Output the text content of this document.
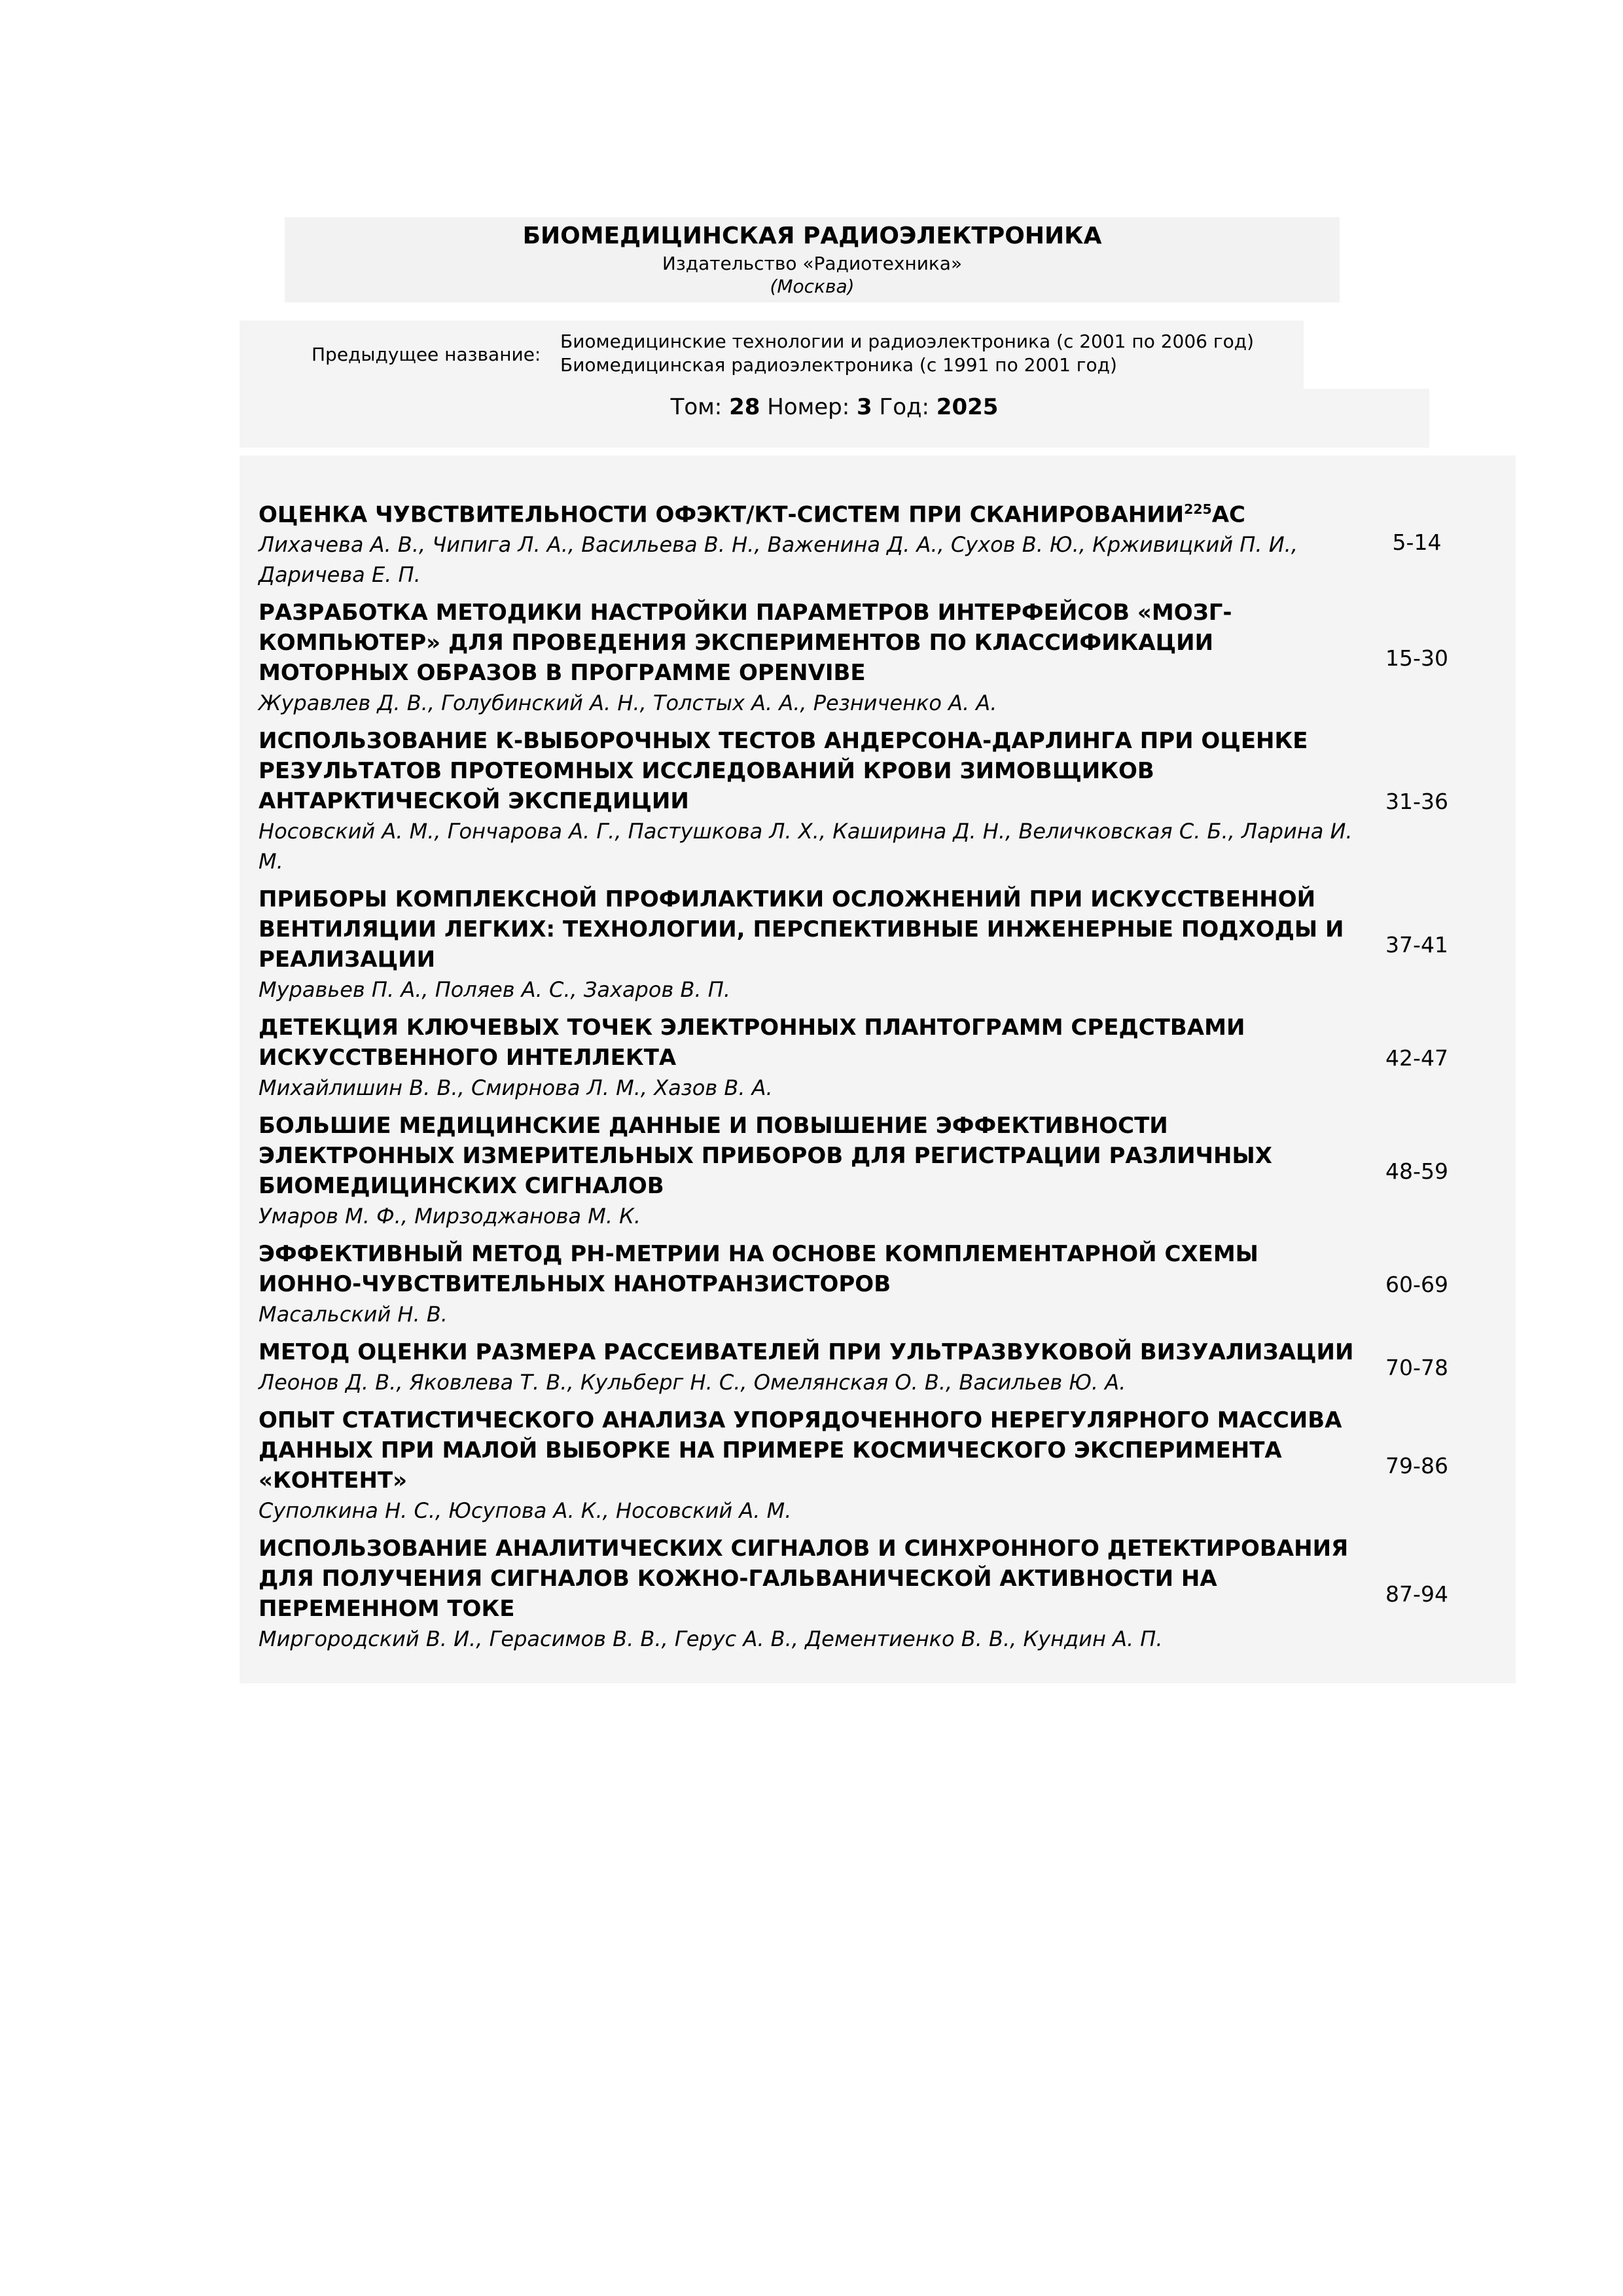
БИОМЕДИЦИНСКАЯ РАДИОЭЛЕКТРОНИКА
Издательство «Радиотехника»
(Москва)
Предыдущее название:
Биомедицинские технологии и радиоэлектроника (с 2001 по 2006 год)
Биомедицинская радиоэлектроника (с 1991 по 2001 год)
Том: 28 Номер: 3 Год: 2025
ОЦЕНКА ЧУВСТВИТЕЛЬНОСТИ ОФЭКТ/КТ-СИСТЕМ ПРИ СКАНИРОВАНИИ$^{225}$AC
Лихачева А. В., Чипига Л. А., Васильева В. Н., Важенина Д. А., Сухов В. Ю., Крживицкий П. И., Даричева Е. П.
5-14
РАЗРАБОТКА МЕТОДИКИ НАСТРОЙКИ ПАРАМЕТРОВ ИНТЕРФЕЙСОВ «МОЗГ-КОМПЬЮТЕР» ДЛЯ ПРОВЕДЕНИЯ ЭКСПЕРИМЕНТОВ ПО КЛАССИФИКАЦИИ МОТОРНЫХ ОБРАЗОВ В ПРОГРАММЕ OPENVIBE
Журавлев Д. В., Голубинский А. Н., Толстых А. А., Резниченко А. А.
15-30
ИСПОЛЬЗОВАНИЕ К-ВЫБОРОЧНЫХ ТЕСТОВ АНДЕРСОНА-ДАРЛИНГА ПРИ ОЦЕНКЕ РЕЗУЛЬТАТОВ ПРОТЕОМНЫХ ИССЛЕДОВАНИЙ КРОВИ ЗИМОВЩИКОВ АНТАРКТИЧЕСКОЙ ЭКСПЕДИЦИИ
Носовский А. М., Гончарова А. Г., Пастушкова Л. Х., Каширина Д. Н., Величковская С. Б., Ларина И. М.
31-36
ПРИБОРЫ КОМПЛЕКСНОЙ ПРОФИЛАКТИКИ ОСЛОЖНЕНИЙ ПРИ ИСКУССТВЕННОЙ ВЕНТИЛЯЦИИ ЛЕГКИХ: ТЕХНОЛОГИИ, ПЕРСПЕКТИВНЫЕ ИНЖЕНЕРНЫЕ ПОДХОДЫ И РЕАЛИЗАЦИИ
Муравьев П. А., Поляев А. С., Захаров В. П.
37-41
ДЕТЕКЦИЯ КЛЮЧЕВЫХ ТОЧЕК ЭЛЕКТРОННЫХ ПЛАНТОГРАММ СРЕДСТВАМИ ИСКУССТВЕННОГО ИНТЕЛЛЕКТА
Михайлишин В. В., Смирнова Л. М., Хазов В. А.
42-47
БОЛЬШИЕ МЕДИЦИНСКИЕ ДАННЫЕ И ПОВЫШЕНИЕ ЭФФЕКТИВНОСТИ ЭЛЕКТРОННЫХ ИЗМЕРИТЕЛЬНЫХ ПРИБОРОВ ДЛЯ РЕГИСТРАЦИИ РАЗЛИЧНЫХ БИОМЕДИЦИНСКИХ СИГНАЛОВ
Умаров М. Ф., Мирзоджанова М. К.
48-59
ЭФФЕКТИВНЫЙ МЕТОД PH-МЕТРИИ НА ОСНОВЕ КОМПЛЕМЕНТАРНОЙ СХЕМЫ ИОННО-ЧУВСТВИТЕЛЬНЫХ НАНОТРАНЗИСТОРОВ
Масальский Н. В.
60-69
МЕТОД ОЦЕНКИ РАЗМЕРА РАССЕИВАТЕЛЕЙ ПРИ УЛЬТРАЗВУКОВОЙ ВИЗУАЛИЗАЦИИ
Леонов Д. В., Яковлева Т. В., Кульберг Н. С., Омелянская О. В., Васильев Ю. А.
70-78
ОПЫТ СТАТИСТИЧЕСКОГО АНАЛИЗА УПОРЯДОЧЕННОГО НЕРЕГУЛЯРНОГО МАССИВА ДАННЫХ ПРИ МАЛОЙ ВЫБОРКЕ НА ПРИМЕРЕ КОСМИЧЕСКОГО ЭКСПЕРИМЕНТА «КОНТЕНТ»
Суполкина Н. С., Юсупова А. К., Носовский А. М.
79-86
ИСПОЛЬЗОВАНИЕ АНАЛИТИЧЕСКИХ СИГНАЛОВ И СИНХРОННОГО ДЕТЕКТИРОВАНИЯ ДЛЯ ПОЛУЧЕНИЯ СИГНАЛОВ КОЖНО-ГАЛЬВАНИЧЕСКОЙ АКТИВНОСТИ НА ПЕРЕМЕННОМ ТОКЕ
Миргородский В. И., Герасимов В. В., Герус А. В., Дементиенко В. В., Кундин А. П.
87-94
